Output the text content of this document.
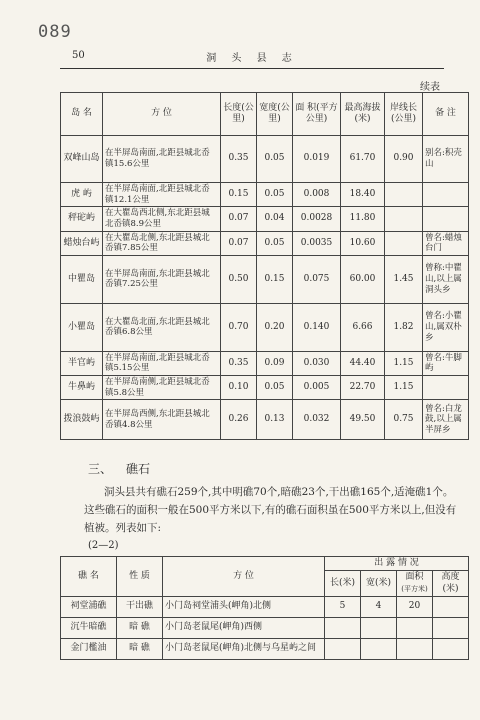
089
50	洞 头 县 志
续表
岛 名	方 位	长度(公里)	宽度(公里)	面 积(平方公里)	最高海拔(米)	岸线长(公里)	备 注
双峰山岛	在半屏岛南面,北距县城北岙镇15.6公里	0.35	0.05	0.019	61.70	0.90	别名:积壳山
虎 屿	在半屏岛南面,北距县城北岙镇12.1公里	0.15	0.05	0.008	18.40		
秤砣屿	在大瞿岛西北侧,东北距县城北岙镇8.9公里	0.07	0.04	0.0028	11.80		
蜡烛台屿	在大瞿岛北侧,东北距县城北岙镇7.85公里	0.07	0.05	0.0035	10.60		曾名:蜡烛台门
中瞿岛	在半屏岛南面,东北距县城北岙镇7.25公里	0.50	0.15	0.075	60.00	1.45	曾称:中瞿山,以上属洞头乡
小瞿岛	在大瞿岛北面,东北距县城北岙镇6.8公里	0.70	0.20	0.140	6.66	1.82	曾名:小瞿山,属双朴乡
半官屿	在半屏岛南面,北距县城北岙镇5.15公里	0.35	0.09	0.030	44.40	1.15	曾名:牛脚屿
牛鼻屿	在半屏岛南侧,北距县城北岙镇5.8公里	0.10	0.05	0.005	22.70	1.15	
拨浪鼓屿	在半屏岛西侧,东北距县城北岙镇4.8公里	0.26	0.13	0.032	49.50	0.75	曾名:白龙鼓,以上属半屏乡
三、 礁石

洞头县共有礁石259个,其中明礁70个,暗礁23个,干出礁165个,适淹礁1个。这些礁石的面积一般在500平方米以下,有的礁石面积虽在500平方米以上,但没有植被。列表如下:

(2—2)
礁 名	性 质	方 位	出 露 情 况			
			长(米)	宽(米)	面积
(平方米)	高度(米)
祠堂浦礁	干出礁	小门岛祠堂浦头(岬角)北侧	5	4	20	
沉牛暗礁	暗 礁	小门岛老鼠尾(岬角)西侧				
金门檻油	暗 礁	小门岛老鼠尾(岬角)北侧与乌星屿之间				
